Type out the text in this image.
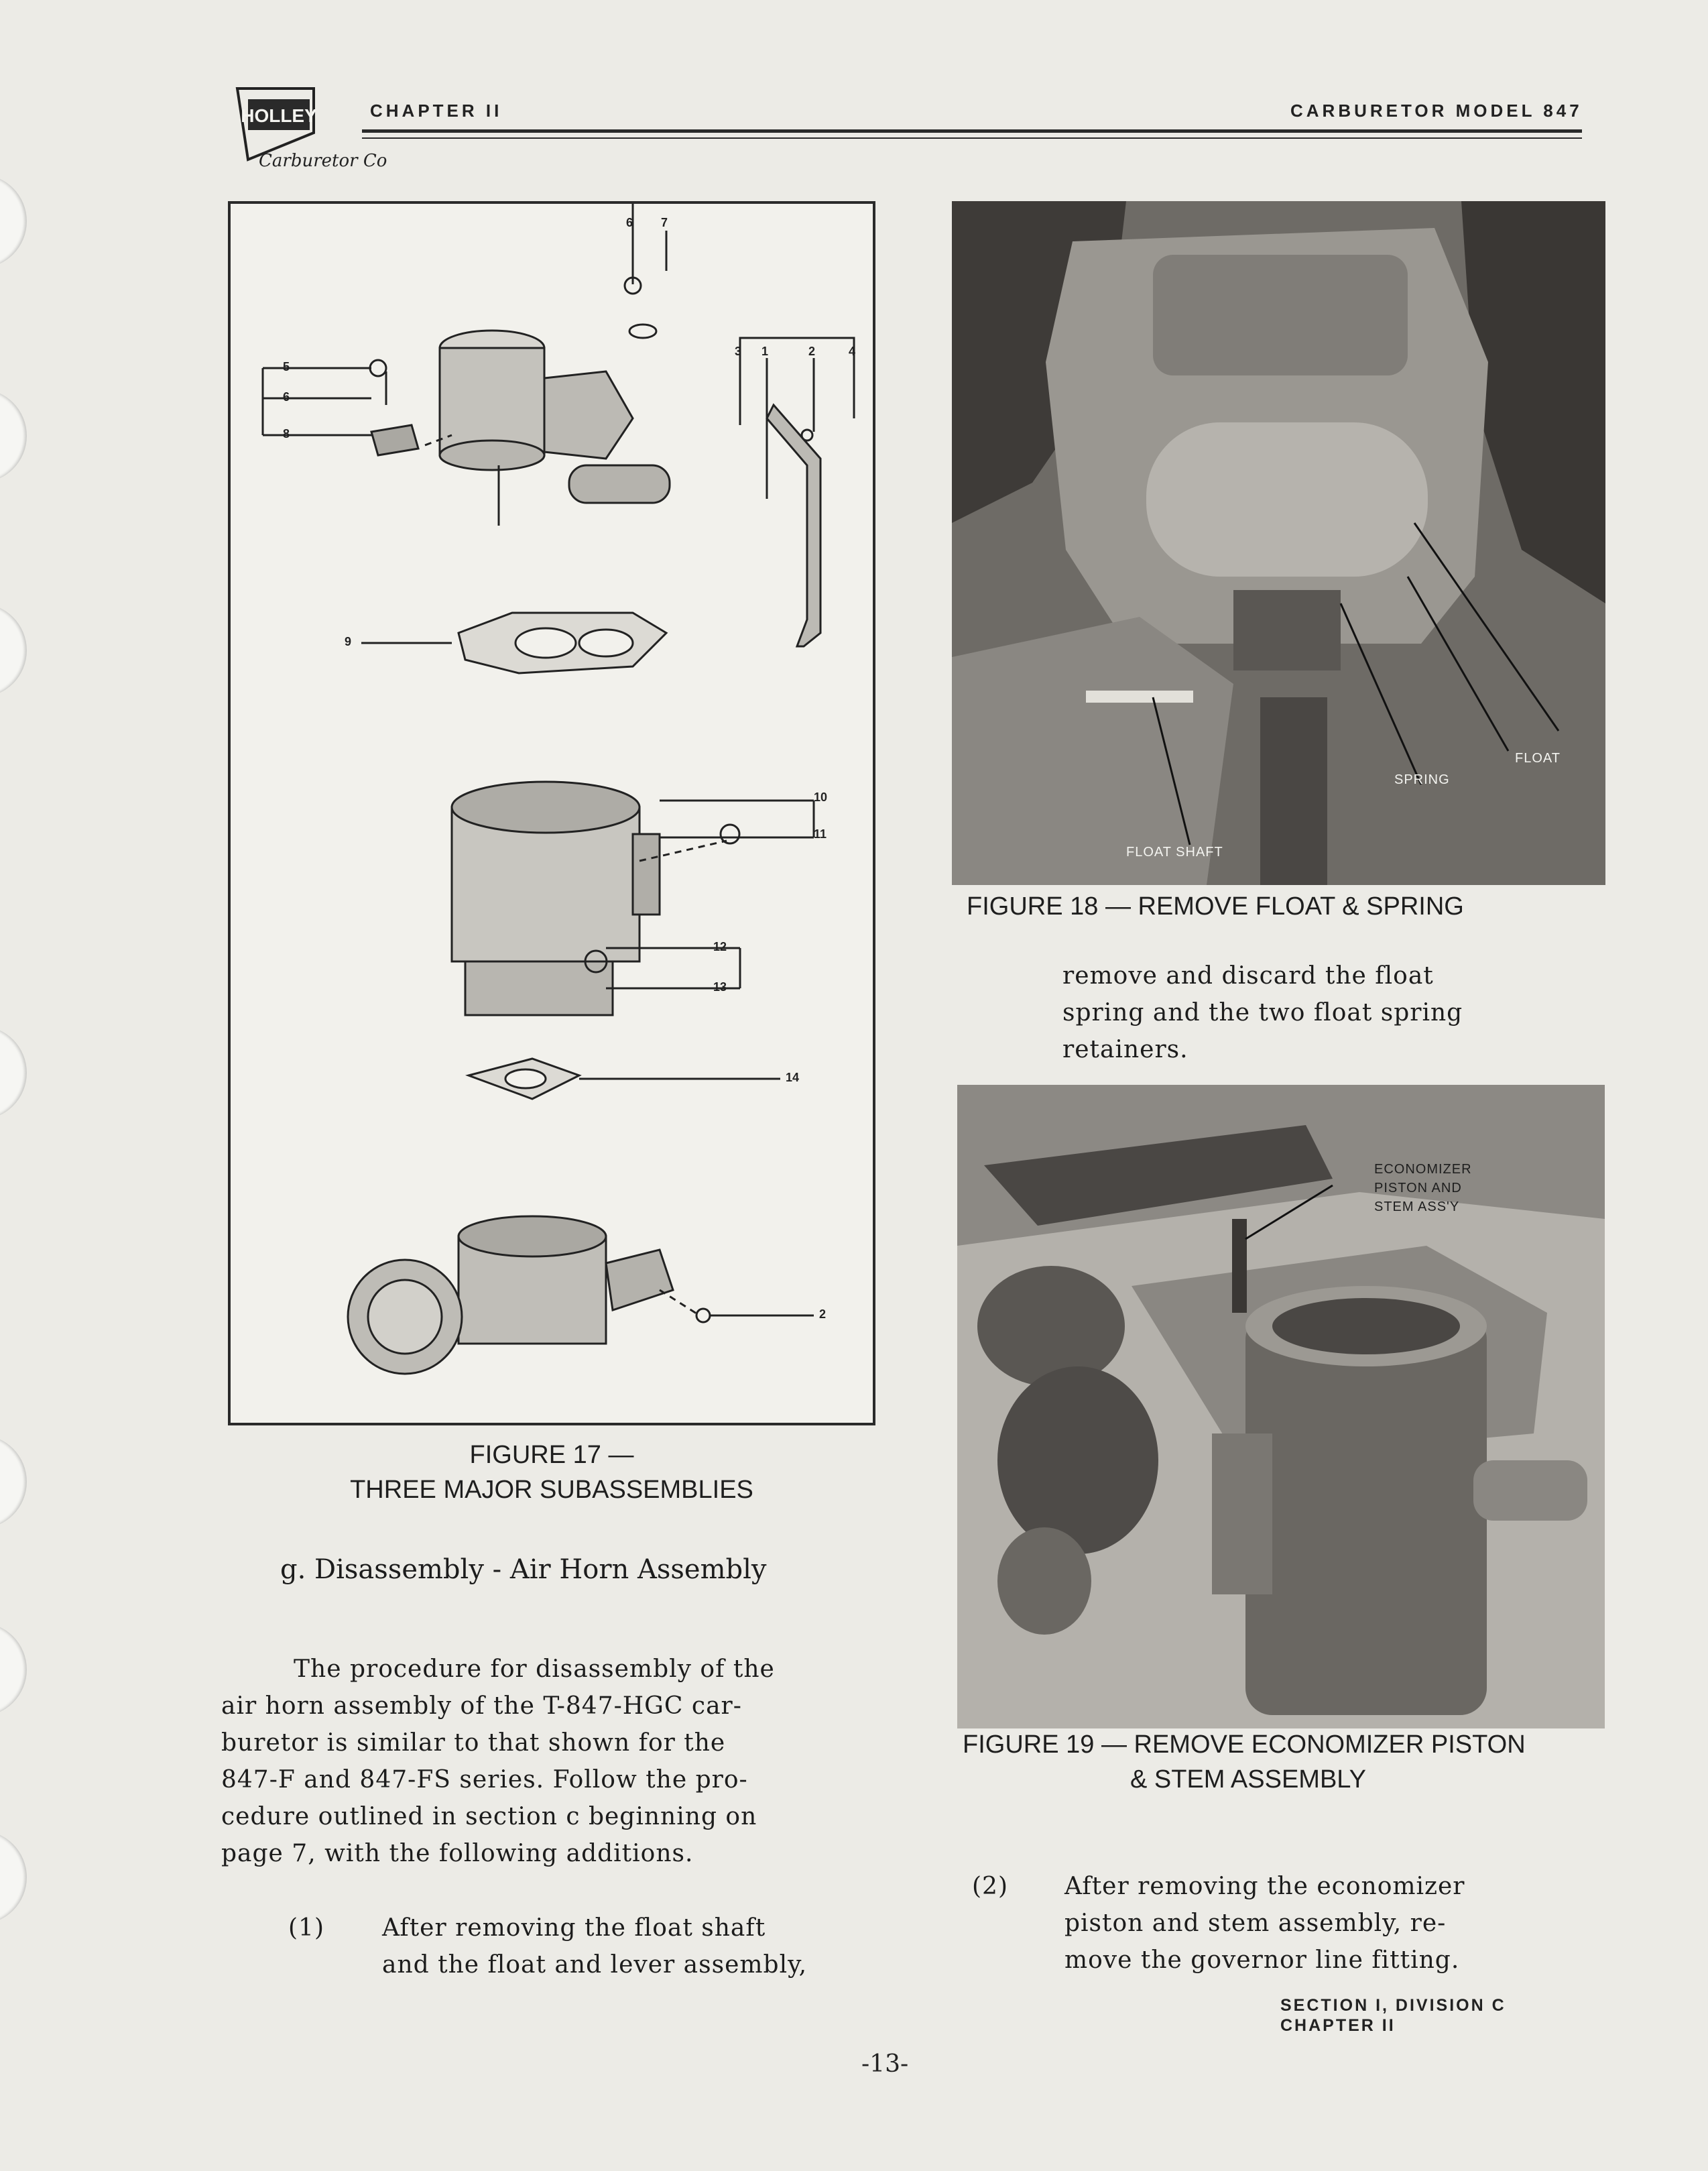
HOLLEY
Carburetor Co
CHAPTER II	CARBURETOR MODEL 847
6 7
3 1	2	4
5
6
8
9
10
11
12
13
14
2
FIGURE 17 —
THREE MAJOR SUBASSEMBLIES
g. Disassembly - Air Horn Assembly
The procedure for disassembly of the
air horn assembly of the T-847-HGC car-
buretor is similar to that shown for the
847-F and 847-FS series. Follow the pro-
cedure outlined in section c beginning on
page 7, with the following additions.
(1) After removing the float shaft
and the float and lever assembly,
SPRING
FLOAT
FLOAT SHAFT
FIGURE 18 — REMOVE FLOAT & SPRING
remove and discard the float
spring and the two float spring
retainers.
ECONOMIZER
PISTON AND
STEM ASS'Y
FIGURE 19 — REMOVE ECONOMIZER PISTON
& STEM ASSEMBLY
(2) After removing the economizer
piston and stem assembly, re-
move the governor line fitting.
SECTION I, DIVISION C
CHAPTER II
-13-
